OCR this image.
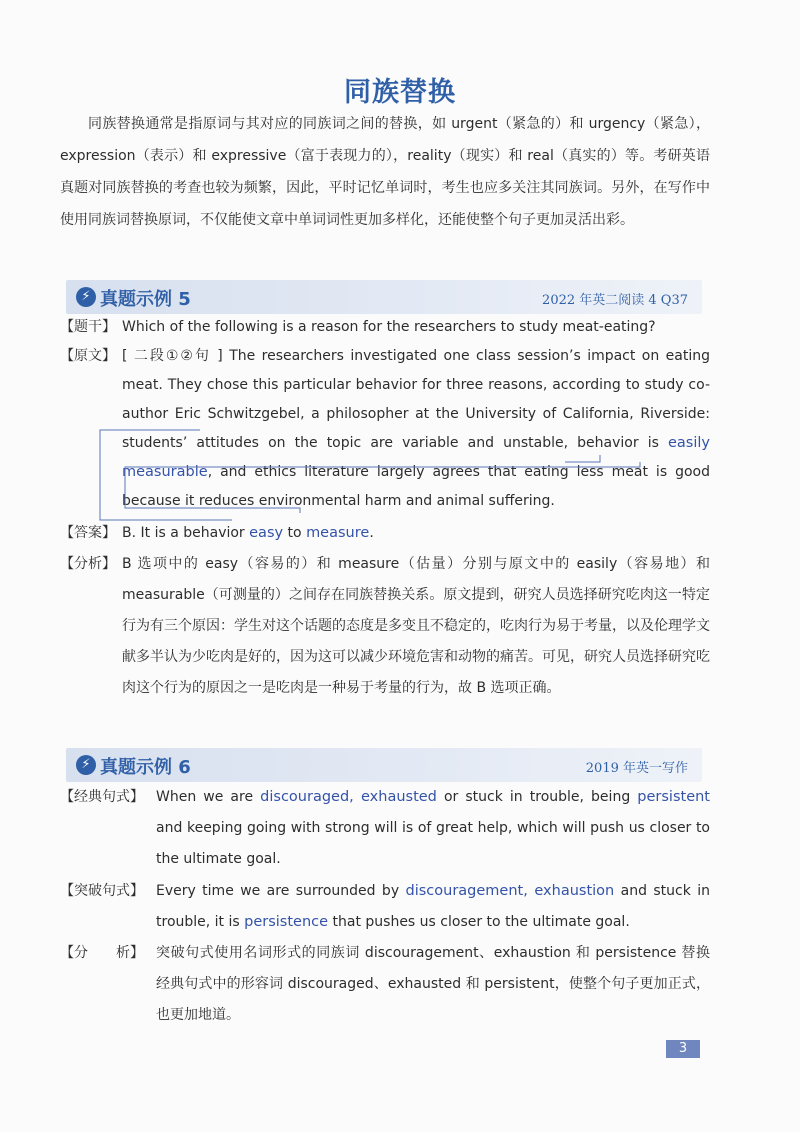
同族替换
同族替换通常是指原词与其对应的同族词之间的替换，如 urgent（紧急的）和 urgency（紧急），expression（表示）和 expressive（富于表现力的），reality（现实）和 real（真实的）等。考研英语真题对同族替换的考查也较为频繁，因此，平时记忆单词时，考生也应多关注其同族词。另外，在写作中使用同族词替换原词，不仅能使文章中单词词性更加多样化，还能使整个句子更加灵活出彩。
⚡ 真题示例 5	2022 年英二阅读 4 Q37
【题干】 Which of the following is a reason for the researchers to study meat-eating?
【原文】 [ 二段①②句 ] The researchers investigated one class session’s impact on eating meat. They chose this particular behavior for three reasons, according to study co-author Eric Schwitzgebel, a philosopher at the University of California, Riverside: students’ attitudes on the topic are variable and unstable, behavior is easily measurable, and ethics literature largely agrees that eating less meat is good because it reduces environmental harm and animal suffering.
【答案】 B. It is a behavior easy to measure.
【分析】 B 选项中的 easy（容易的）和 measure（估量）分别与原文中的 easily（容易地）和 measurable（可测量的）之间存在同族替换关系。原文提到，研究人员选择研究吃肉这一特定行为有三个原因：学生对这个话题的态度是多变且不稳定的，吃肉行为易于考量，以及伦理学文献多半认为少吃肉是好的，因为这可以减少环境危害和动物的痛苦。可见，研究人员选择研究吃肉这个行为的原因之一是吃肉是一种易于考量的行为，故 B 选项正确。
⚡ 真题示例 6	2019 年英一写作
【经典句式】 When we are discouraged, exhausted or stuck in trouble, being persistent and keeping going with strong will is of great help, which will push us closer to the ultimate goal.
【突破句式】 Every time we are surrounded by discouragement, exhaustion and stuck in trouble, it is persistence that pushes us closer to the ultimate goal.
【分　　析】 突破句式使用名词形式的同族词 discouragement、exhaustion 和 persistence 替换经典句式中的形容词 discouraged、exhausted 和 persistent，使整个句子更加正式，也更加地道。
3
